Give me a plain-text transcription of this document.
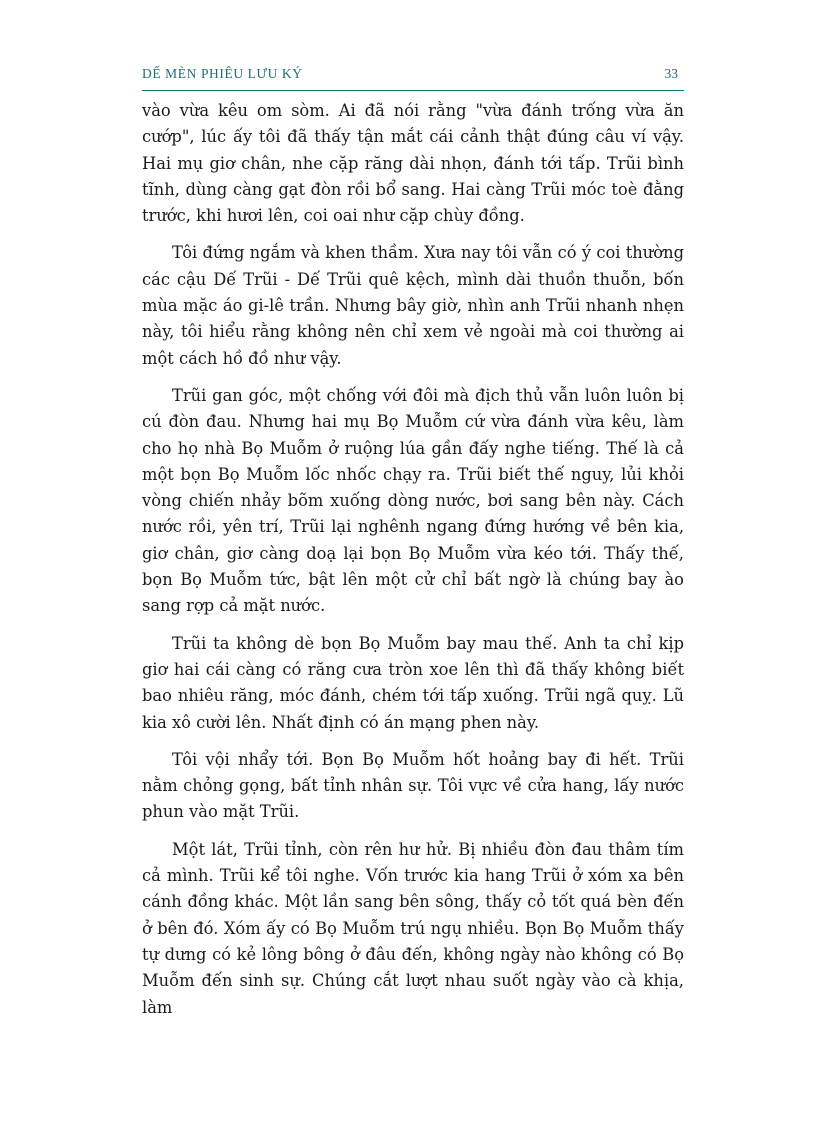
DẾ MÈN PHIÊU LƯU KÝ	33

vào vừa kêu om sòm. Ai đã nói rằng "vừa đánh trống vừa ăn cướp", lúc ấy tôi đã thấy tận mắt cái cảnh thật đúng câu ví vậy. Hai mụ giơ chân, nhe cặp răng dài nhọn, đánh tới tấp. Trũi bình tĩnh, dùng càng gạt đòn rồi bổ sang. Hai càng Trũi móc toè đằng trước, khi hươi lên, coi oai như cặp chùy đồng.

Tôi đứng ngắm và khen thầm. Xưa nay tôi vẫn có ý coi thường các cậu Dế Trũi - Dế Trũi quê kệch, mình dài thuồn thuỗn, bốn mùa mặc áo gi-lê trần. Nhưng bây giờ, nhìn anh Trũi nhanh nhẹn này, tôi hiểu rằng không nên chỉ xem vẻ ngoài mà coi thường ai một cách hồ đồ như vậy.

Trũi gan góc, một chống với đôi mà địch thủ vẫn luôn luôn bị cú đòn đau. Nhưng hai mụ Bọ Muỗm cứ vừa đánh vừa kêu, làm cho họ nhà Bọ Muỗm ở ruộng lúa gần đấy nghe tiếng. Thế là cả một bọn Bọ Muỗm lốc nhốc chạy ra. Trũi biết thế nguy, lủi khỏi vòng chiến nhảy bõm xuống dòng nước, bơi sang bên này. Cách nước rồi, yên trí, Trũi lại nghênh ngang đứng hướng về bên kia, giơ chân, giơ càng doạ lại bọn Bọ Muỗm vừa kéo tới. Thấy thế, bọn Bọ Muỗm tức, bật lên một cử chỉ bất ngờ là chúng bay ào sang rợp cả mặt nước.

Trũi ta không dè bọn Bọ Muỗm bay mau thế. Anh ta chỉ kịp giơ hai cái càng có răng cưa tròn xoe lên thì đã thấy không biết bao nhiêu răng, móc đánh, chém tới tấp xuống. Trũi ngã quỵ. Lũ kia xô cười lên. Nhất định có án mạng phen này.

Tôi vội nhẩy tới. Bọn Bọ Muỗm hốt hoảng bay đi hết. Trũi nằm chỏng gọng, bất tỉnh nhân sự. Tôi vực về cửa hang, lấy nước phun vào mặt Trũi.

Một lát, Trũi tỉnh, còn rên hư hử. Bị nhiều đòn đau thâm tím cả mình. Trũi kể tôi nghe. Vốn trước kia hang Trũi ở xóm xa bên cánh đồng khác. Một lần sang bên sông, thấy cỏ tốt quá bèn đến ở bên đó. Xóm ấy có Bọ Muỗm trú ngụ nhiều. Bọn Bọ Muỗm thấy tự dưng có kẻ lông bông ở đâu đến, không ngày nào không có Bọ Muỗm đến sinh sự. Chúng cắt lượt nhau suốt ngày vào cà khịa, làm
